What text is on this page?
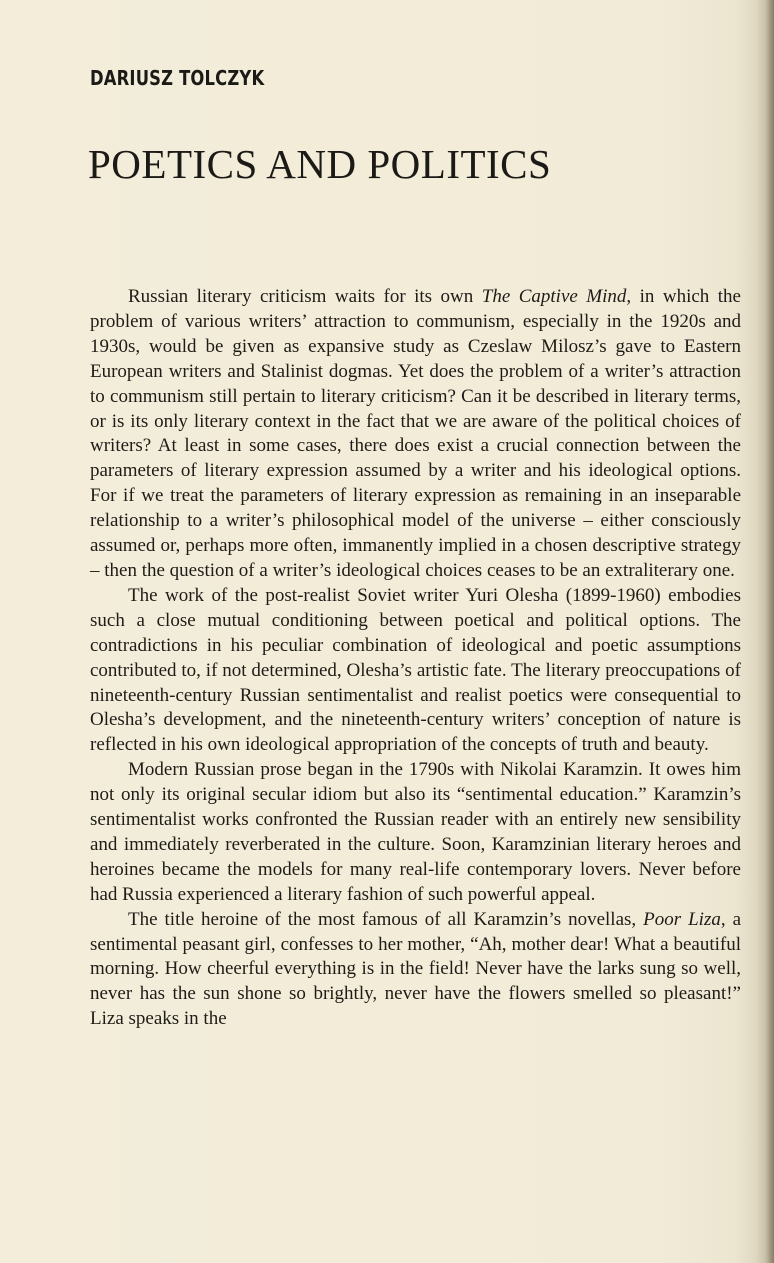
DARIUSZ TOLCZYK
POETICS AND POLITICS

Russian literary criticism waits for its own The Captive Mind, in which the problem of various writers’ attraction to communism, especially in the 1920s and 1930s, would be given as expansive study as Czeslaw Milosz’s gave to Eastern European writers and Stalinist dogmas. Yet does the problem of a writer’s attraction to communism still pertain to literary criticism? Can it be described in literary terms, or is its only literary context in the fact that we are aware of the political choices of writers? At least in some cases, there does exist a crucial connection between the parameters of literary expression assumed by a writer and his ideological options. For if we treat the parameters of literary expression as remaining in an inseparable relationship to a writer’s philosophical model of the universe – either consciously assumed or, perhaps more often, immanently implied in a chosen descriptive strategy – then the question of a writer’s ideological choices ceases to be an extraliterary one.

The work of the post-realist Soviet writer Yuri Olesha (1899-1960) embodies such a close mutual conditioning between poetical and political options. The contradictions in his peculiar combination of ideological and poetic assumptions contributed to, if not determined, Olesha’s artistic fate. The literary preoccupations of nineteenth-century Russian sentimentalist and realist poetics were consequential to Olesha’s development, and the nineteenth-century writers’ conception of nature is reflected in his own ideological appropriation of the concepts of truth and beauty.

Modern Russian prose began in the 1790s with Nikolai Karamzin. It owes him not only its original secular idiom but also its “sentimental education.” Karamzin’s sentimentalist works confronted the Russian reader with an entirely new sensibility and immediately reverberated in the culture. Soon, Karamzinian literary heroes and heroines became the models for many real-life contemporary lovers. Never before had Russia experienced a literary fashion of such powerful appeal.

The title heroine of the most famous of all Karamzin’s novellas, Poor Liza, a sentimental peasant girl, confesses to her mother, “Ah, mother dear! What a beautiful morning. How cheerful everything is in the field! Never have the larks sung so well, never has the sun shone so brightly, never have the flowers smelled so pleasant!” Liza speaks in the
